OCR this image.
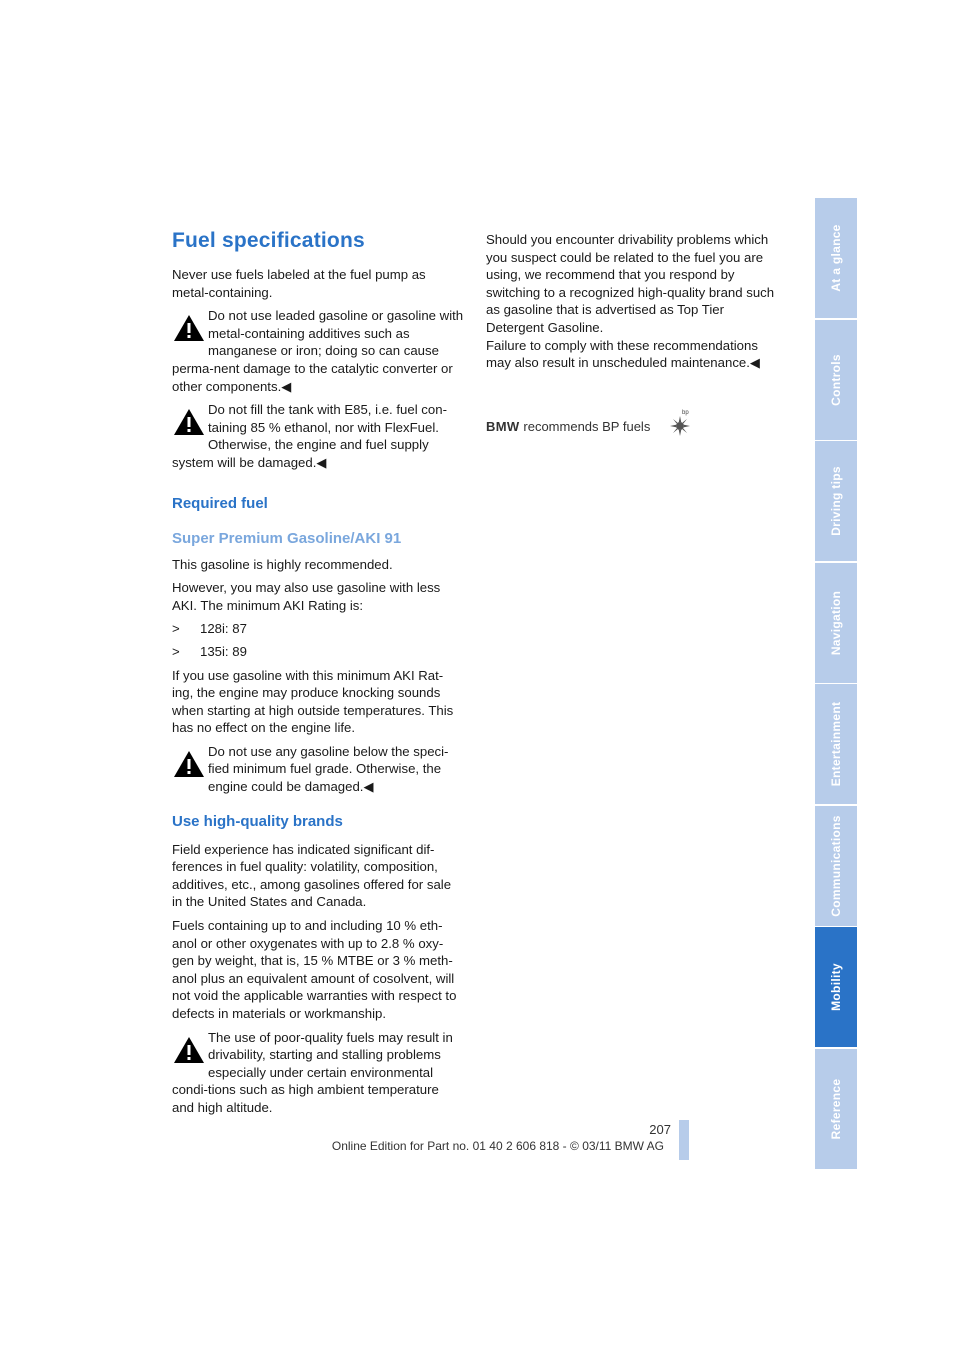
Fuel specifications

Never use fuels labeled at the fuel pump as metal-containing.

Do not use leaded gasoline or gasoline with metal-containing additives such as manganese or iron; doing so can cause perma-nent damage to the catalytic converter or other components.◀
Do not fill the tank with E85, i.e. fuel con-taining 85 % ethanol, nor with FlexFuel. Otherwise, the engine and fuel supply system will be damaged.◀
Required fuel
Super Premium Gasoline/AKI 91

This gasoline is highly recommended.

However, you may also use gasoline with less AKI. The minimum AKI Rating is:

> 128i: 87
> 135i: 89

If you use gasoline with this minimum AKI Rat-ing, the engine may produce knocking sounds when starting at high outside temperatures. This has no effect on the engine life.

Do not use any gasoline below the speci-fied minimum fuel grade. Otherwise, the engine could be damaged.◀
Use high-quality brands

Field experience has indicated significant dif-ferences in fuel quality: volatility, composition, additives, etc., among gasolines offered for sale in the United States and Canada.

Fuels containing up to and including 10 % eth-anol or other oxygenates with up to 2.8 % oxy-gen by weight, that is, 15 % MTBE or 3 % meth-anol plus an equivalent amount of cosolvent, will not void the applicable warranties with respect to defects in materials or workmanship.

The use of poor-quality fuels may result in drivability, starting and stalling problems especially under certain environmental condi-tions such as high ambient temperature and high altitude.

Should you encounter drivability problems which you suspect could be related to the fuel you are using, we recommend that you respond by switching to a recognized high-quality brand such as gasoline that is advertised as Top Tier Detergent Gasoline.

Failure to comply with these recommendations may also result in unscheduled maintenance.◀

BMW recommends BP fuels
bp
At a glance
Controls
Driving tips
Navigation
Entertainment
Communications
Mobility
Reference
207
Online Edition for Part no. 01 40 2 606 818 - © 03/11 BMW AG
